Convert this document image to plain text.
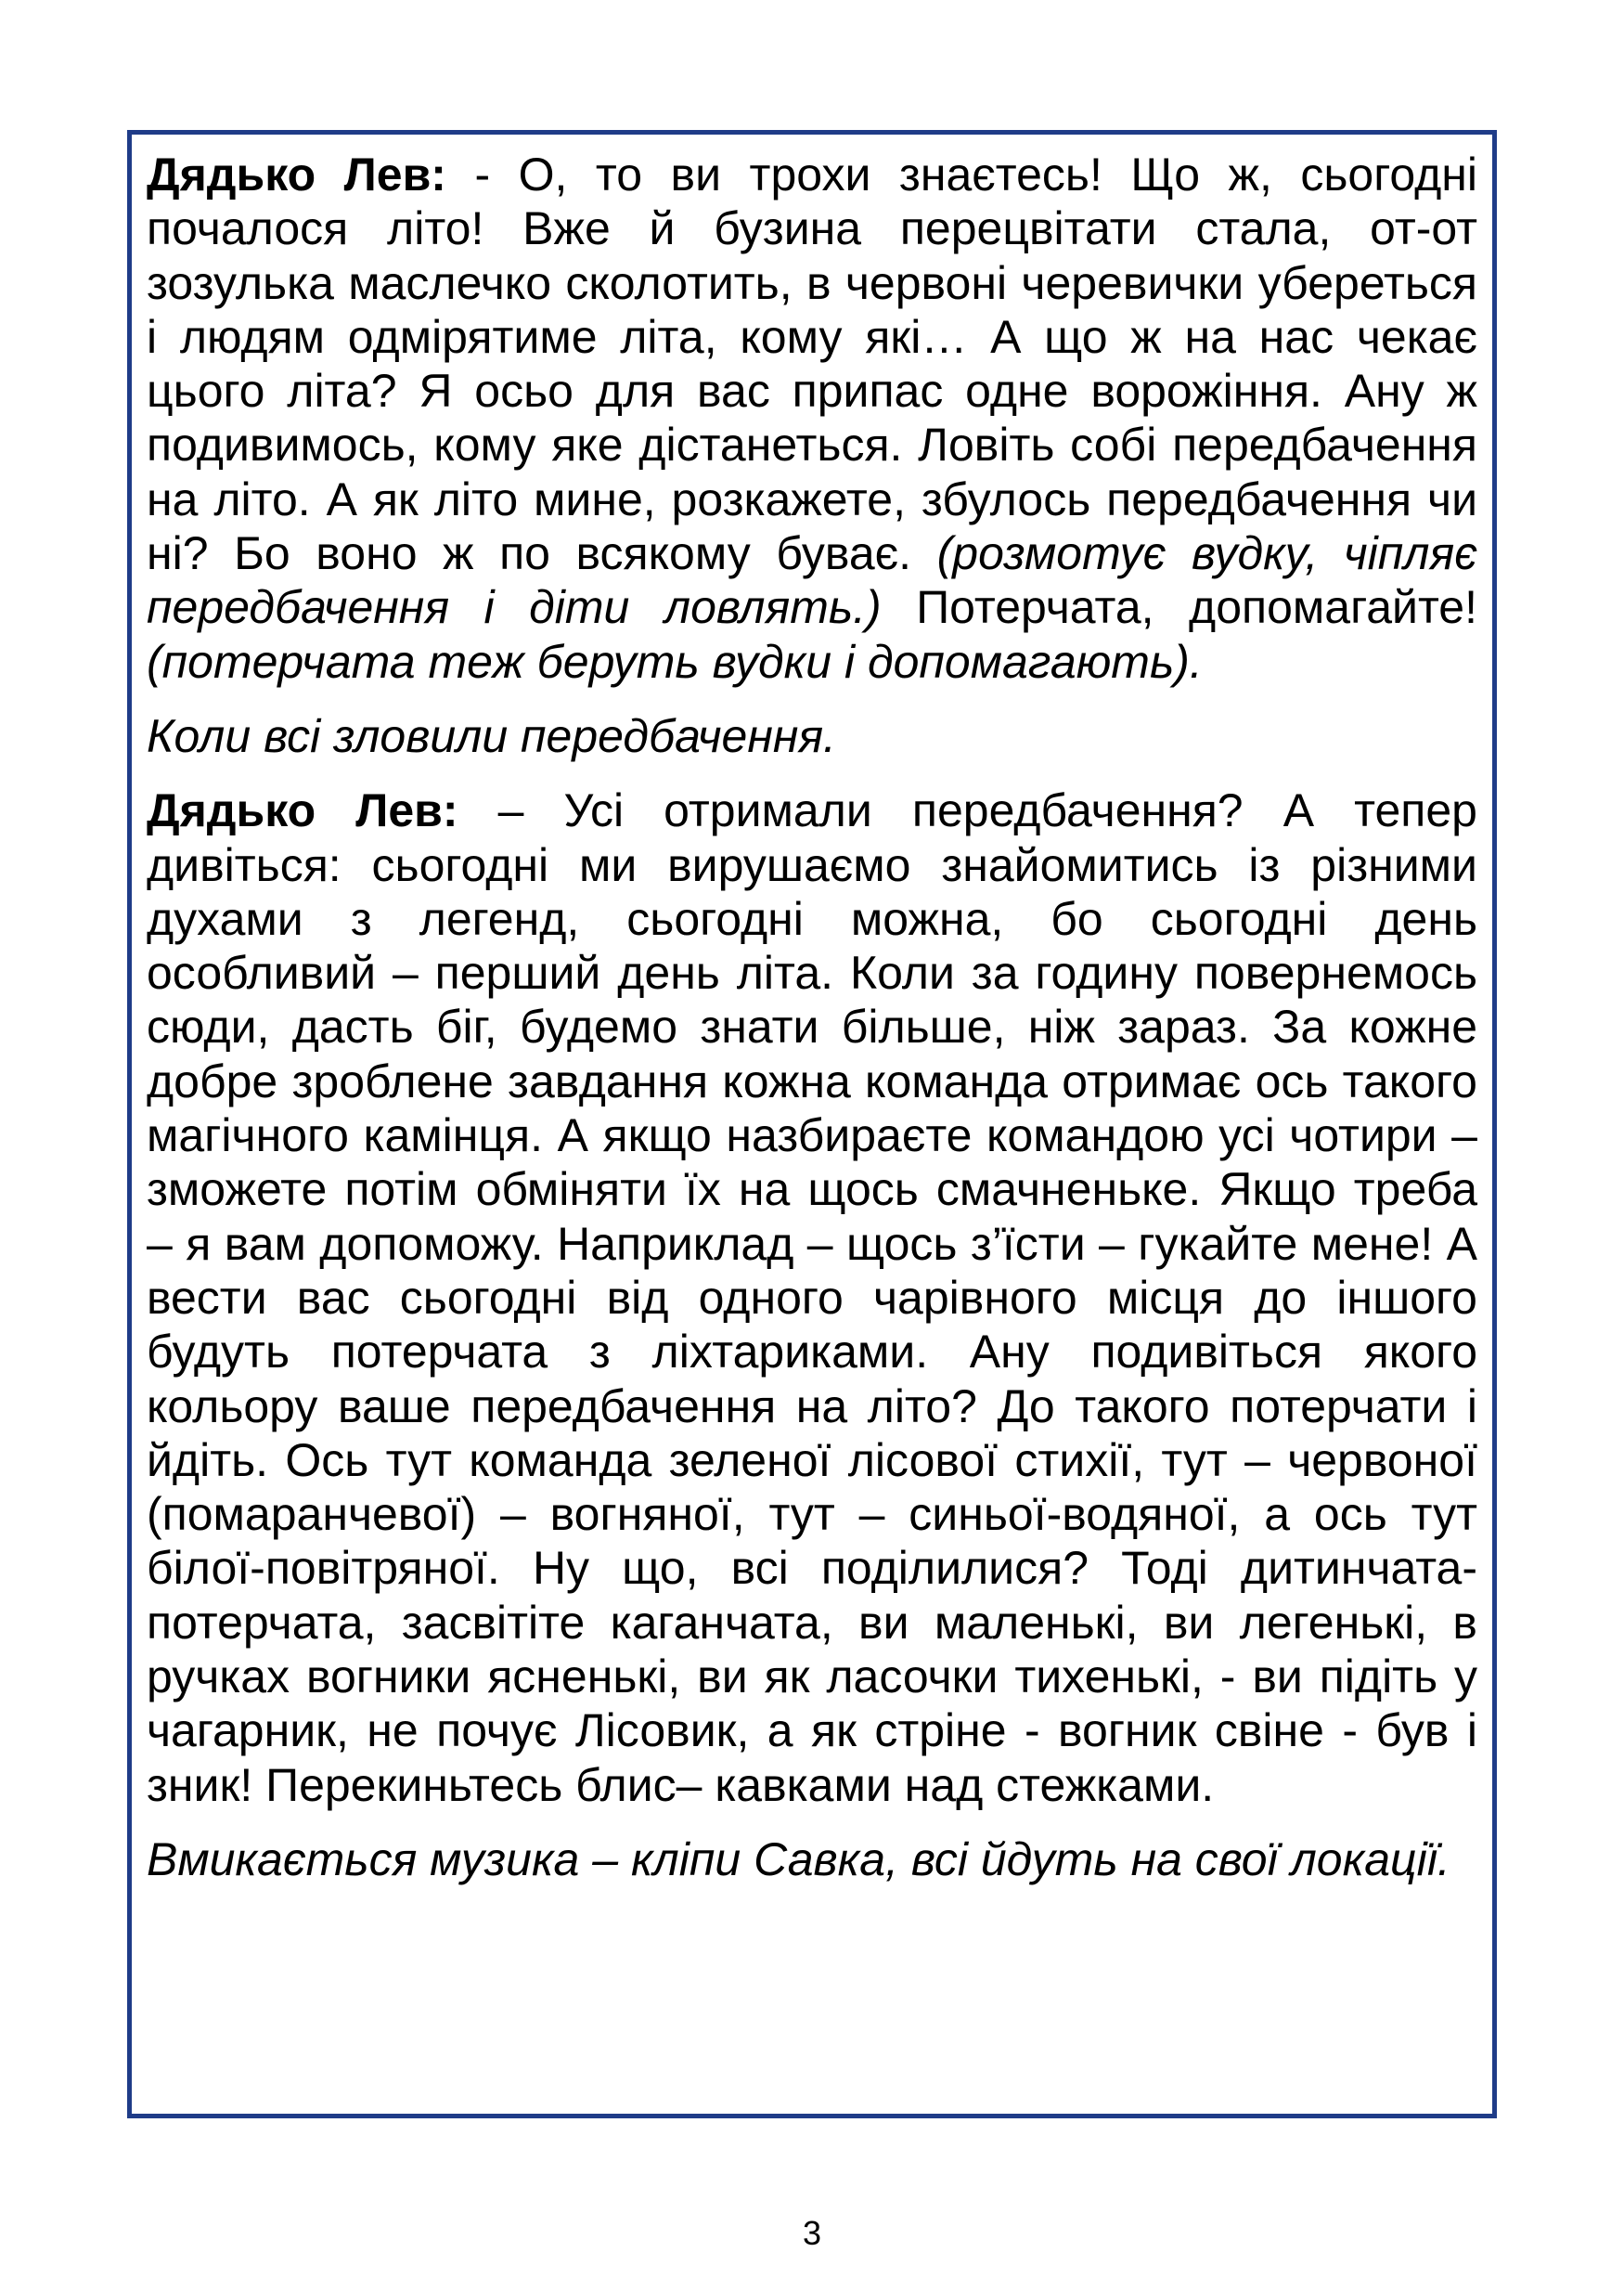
Дядько Лев: - О, то ви трохи знаєтесь! Що ж, сьогодні почалося літо! Вже й бузина перецвітати стала, от-от зозулька маслечко сколотить, в червоні черевички убереться і людям одмірятиме літа, кому які… А що ж на нас чекає цього літа? Я осьо для вас припас одне ворожіння. Ану ж подивимось, кому яке дістанеться. Ловіть собі передбачення на літо. А як літо мине, розкажете, збулось передбачення чи ні? Бо воно ж по всякому буває. (розмотує вудку, чіпляє передбачення і діти ловлять.) Потерчата, допомагайте! (потерчата теж беруть вудки і допомагають).

Коли всі зловили передбачення.

Дядько Лев: – Усі отримали передбачення? А тепер дивіться: сьогодні ми вирушаємо знайомитись із різними духами з легенд, сьогодні можна, бо сьогодні день особливий – перший день літа. Коли за годину повернемось сюди, дасть біг, будемо знати більше, ніж зараз. За кожне добре зроблене завдання кожна команда отримає ось такого магічного камінця. А якщо назбираєте командою усі чотири – зможете потім обміняти їх на щось смачненьке. Якщо треба – я вам допоможу. Наприклад – щось з’їсти – гукайте мене! А вести вас сьогодні від одного чарівного місця до іншого будуть потерчата з ліхтариками. Ану подивіться якого кольору ваше передбачення на літо? До такого потерчати і йдіть. Ось тут команда зеленої лісової стихії, тут – червоної (помаранчевої) – вогняної, тут – синьої-водяної, а ось тут білої-повітряної. Ну що, всі поділилися? Тоді дитинчата-потерчата, засвітіте каганчата, ви маленькі, ви легенькі, в ручках вогники ясненькі, ви як ласочки тихенькі, - ви підіть у чагарник, не почує Лісовик, а як стріне - вогник свіне - був і зник! Перекиньтесь блис– кавками над стежками.

Вмикається музика – кліпи Савка, всі йдуть на свої локації.

3
